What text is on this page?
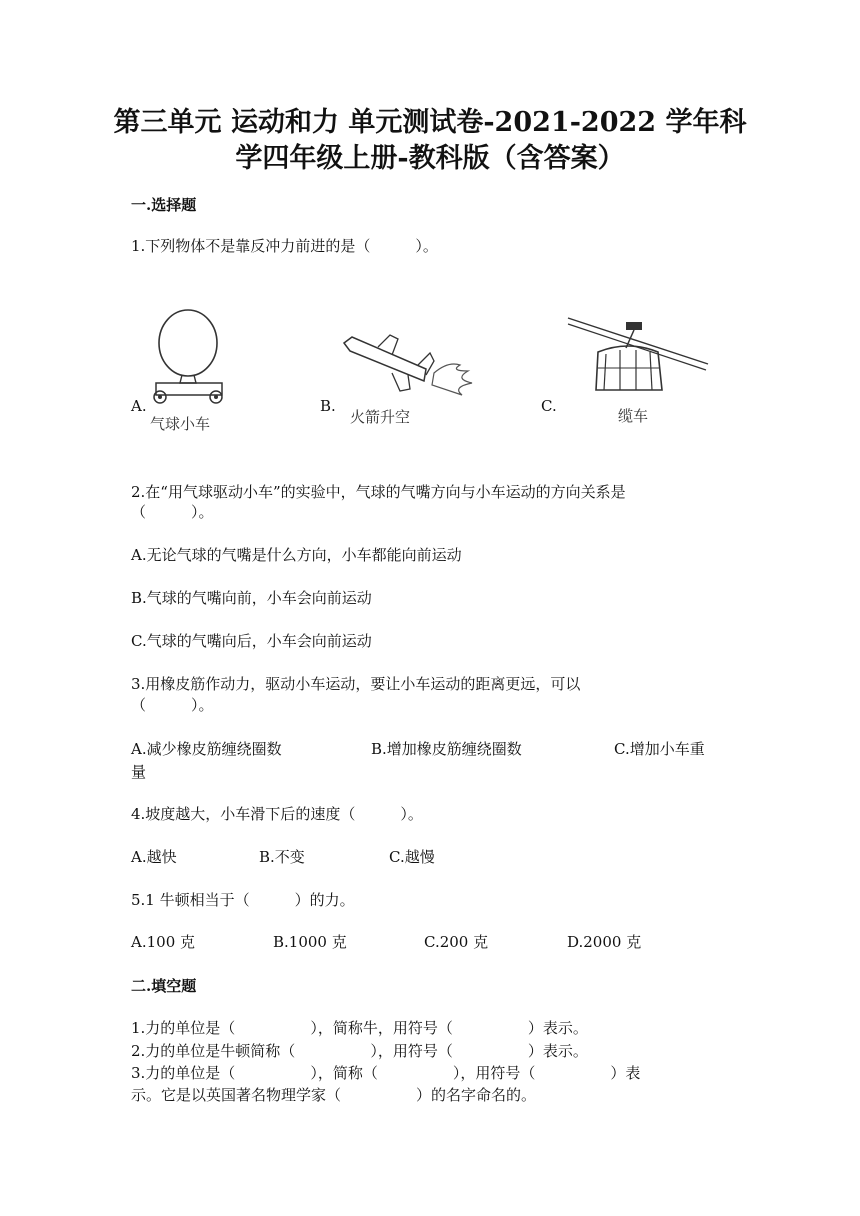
第三单元 运动和力 单元测试卷-2021-2022 学年科
学四年级上册-教科版（含答案）
一.选择题
1.下列物体不是靠反冲力前进的是（　　　）。
A.
气球小车
B.
火箭升空
C.
缆车
2.在“用气球驱动小车”的实验中，气球的气嘴方向与小车运动的方向关系是
（　　　）。
A.无论气球的气嘴是什么方向，小车都能向前运动
B.气球的气嘴向前，小车会向前运动
C.气球的气嘴向后，小车会向前运动
3.用橡皮筋作动力，驱动小车运动，要让小车运动的距离更远，可以
（　　　）。
A.减少橡皮筋缠绕圈数	B.增加橡皮筋缠绕圈数	C.增加小车重
量
4.坡度越大，小车滑下后的速度（　　　）。
A.越快	B.不变	C.越慢
5.1 牛顿相当于（　　　）的力。
A.100 克	B.1000 克	C.200 克	D.2000 克
二.填空题
1.力的单位是（　　　　　），简称牛，用符号（　　　　　）表示。
2.力的单位是牛顿简称（　　　　　），用符号（　　　　　）表示。
3.力的单位是（　　　　　），简称（　　　　　），用符号（　　　　　）表
示。它是以英国著名物理学家（　　　　　）的名字命名的。
